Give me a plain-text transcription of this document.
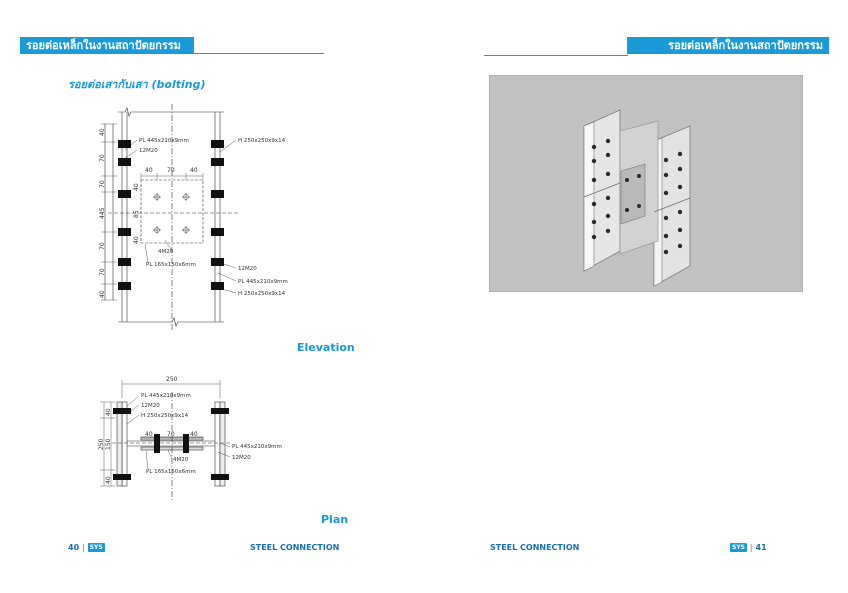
รอยต่อเหล็กในงานสถาปัตยกรรม
รอยต่อเสากับเสา (bolting)
PL 445x210x9mm
12M20
H 250x250x9x14
PL 165x150x6mm
4M20
12M20
PL 445x210x9mm
H 250x250x9x14
40
70
70
445
70
70
40
40
85
40
40 70	40
250
PL 445x210x9mm
12M20
H 250x250x9x14
PL 445x210x9mm
12M20
4M20
PL 165x150x6mm
250
40
150
40
40 70	40
Elevation
Plan
40 | SYS	STEEL CONNECTION
รอยต่อเหล็กในงานสถาปัตยกรรม
STEEL CONNECTION	SYS | 41
